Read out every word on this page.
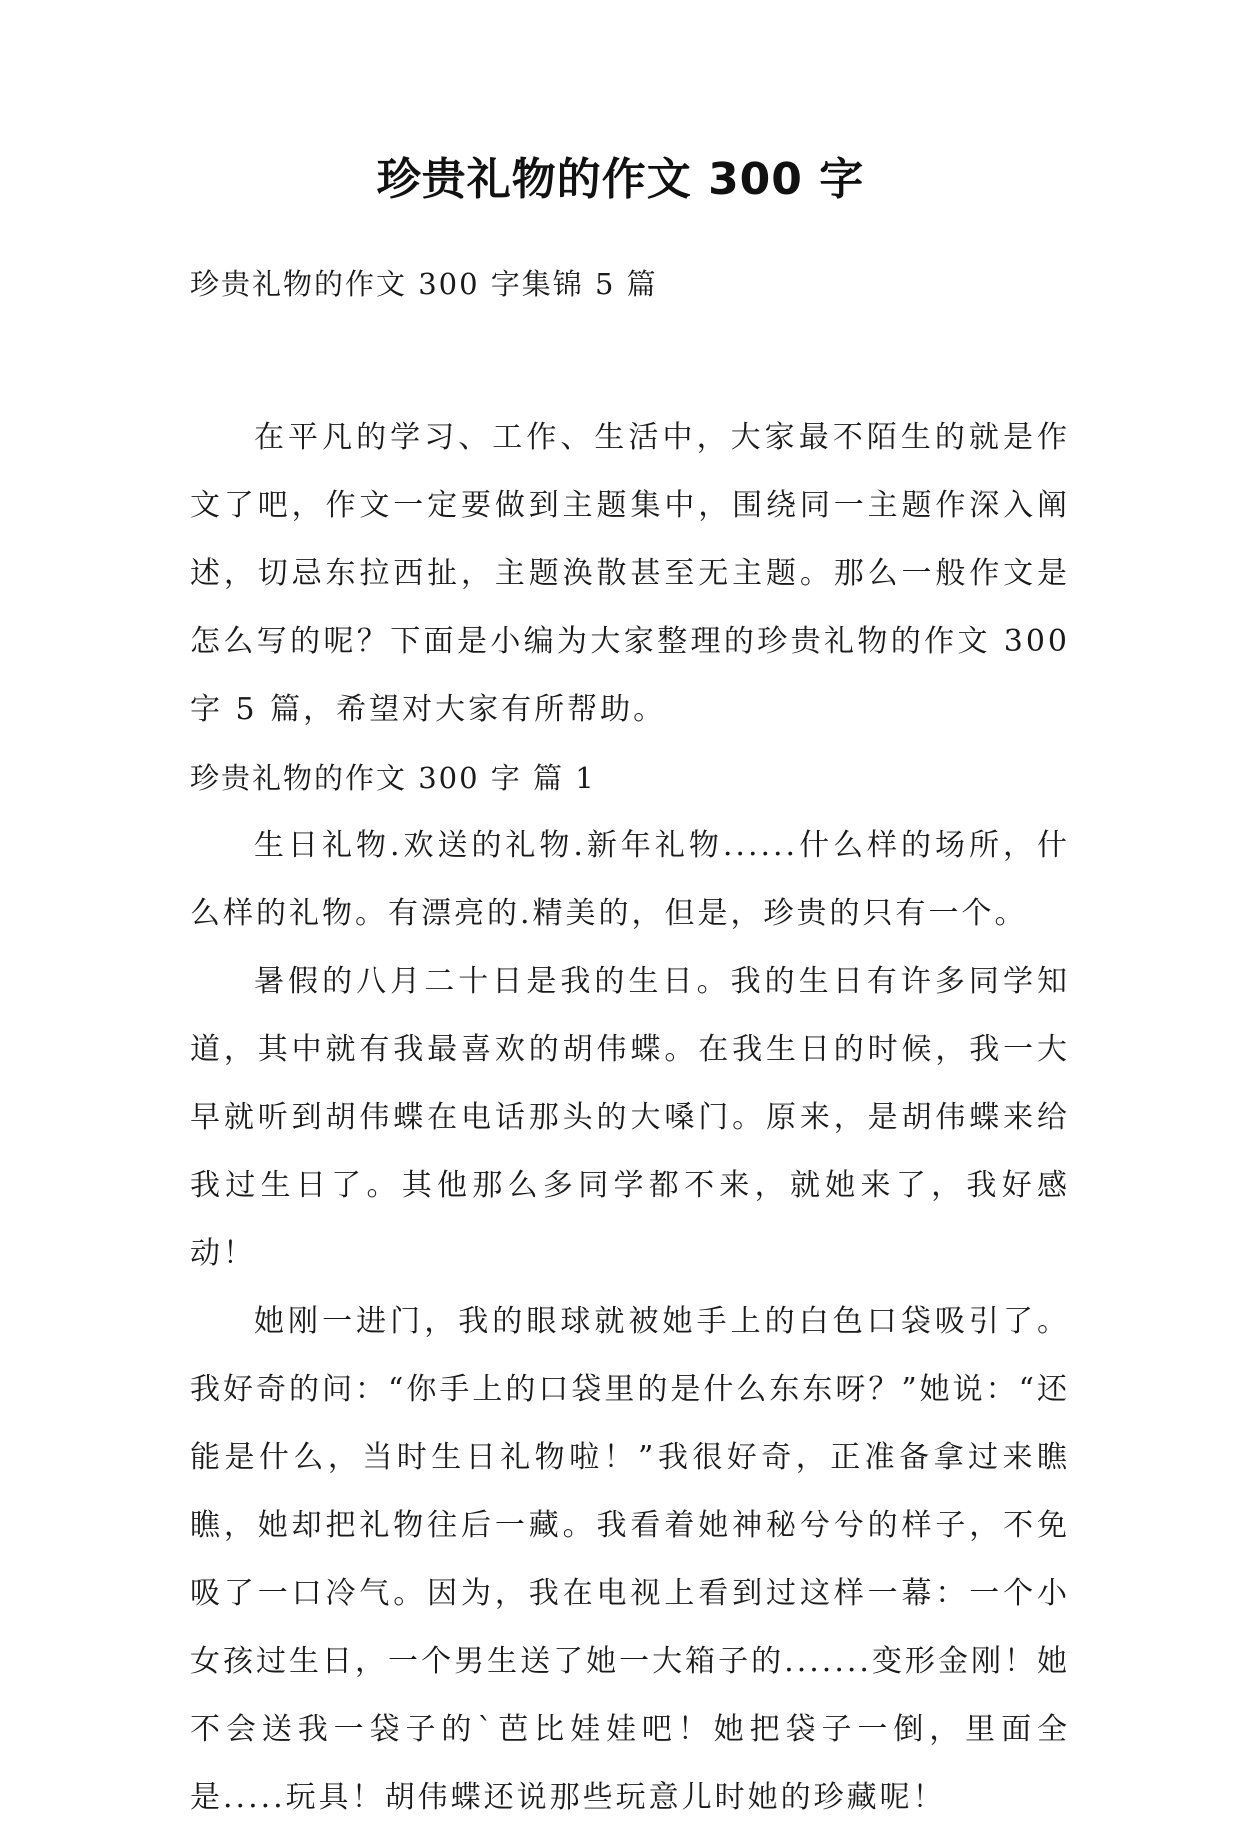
珍贵礼物的作文 300 字
珍贵礼物的作文 300 字集锦 5 篇

在平凡的学习、工作、生活中，大家最不陌生的就是作文了吧，作文一定要做到主题集中，围绕同一主题作深入阐述，切忌东拉西扯，主题涣散甚至无主题。那么一般作文是怎么写的呢？下面是小编为大家整理的珍贵礼物的作文 300 字 5 篇，希望对大家有所帮助。

珍贵礼物的作文 300 字 篇 1

生日礼物.欢送的礼物.新年礼物......什么样的场所，什么样的礼物。有漂亮的.精美的，但是，珍贵的只有一个。

暑假的八月二十日是我的生日。我的生日有许多同学知道，其中就有我最喜欢的胡伟蝶。在我生日的时候，我一大早就听到胡伟蝶在电话那头的大嗓门。原来，是胡伟蝶来给我过生日了。其他那么多同学都不来，就她来了，我好感动！

她刚一进门，我的眼球就被她手上的白色口袋吸引了。我好奇的问：“你手上的口袋里的是什么东东呀？”她说：“还能是什么，当时生日礼物啦！”我很好奇，正准备拿过来瞧瞧，她却把礼物往后一藏。我看着她神秘兮兮的样子，不免吸了一口冷气。因为，我在电视上看到过这样一幕：一个小女孩过生日，一个男生送了她一大箱子的.......变形金刚！她不会送我一袋子的`芭比娃娃吧！她把袋子一倒，里面全是.....玩具！胡伟蝶还说那些玩意儿时她的珍藏呢！
